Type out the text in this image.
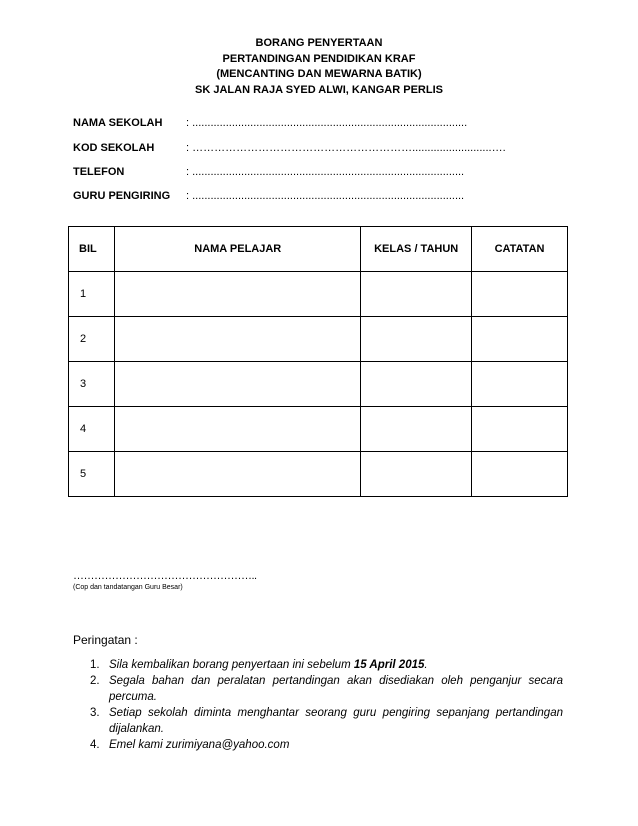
BORANG PENYERTAAN
PERTANDINGAN PENDIDIKAN KRAF
(MENCANTING DAN MEWARNA BATIK)
SK JALAN RAJA SYED ALWI, KANGAR PERLIS
NAMA SEKOLAH : ..........................................................................................
KOD SEKOLAH	: ……………………………………………………..........................….
TELEFON	: .........................................................................................
GURU PENGIRING : .........................................................................................
BIL	NAMA PELAJAR	KELAS / TAHUN	CATATAN
1			
2			
3			
4			
5			
……………………………………………..
(Cop dan tandatangan Guru Besar)
Peringatan :
1. Sila kembalikan borang penyertaan ini sebelum 15 April 2015.
2. Segala bahan dan peralatan pertandingan akan disediakan oleh penganjur secara percuma.
3. Setiap sekolah diminta menghantar seorang guru pengiring sepanjang pertandingan dijalankan.
4. Emel kami zurimiyana@yahoo.com
